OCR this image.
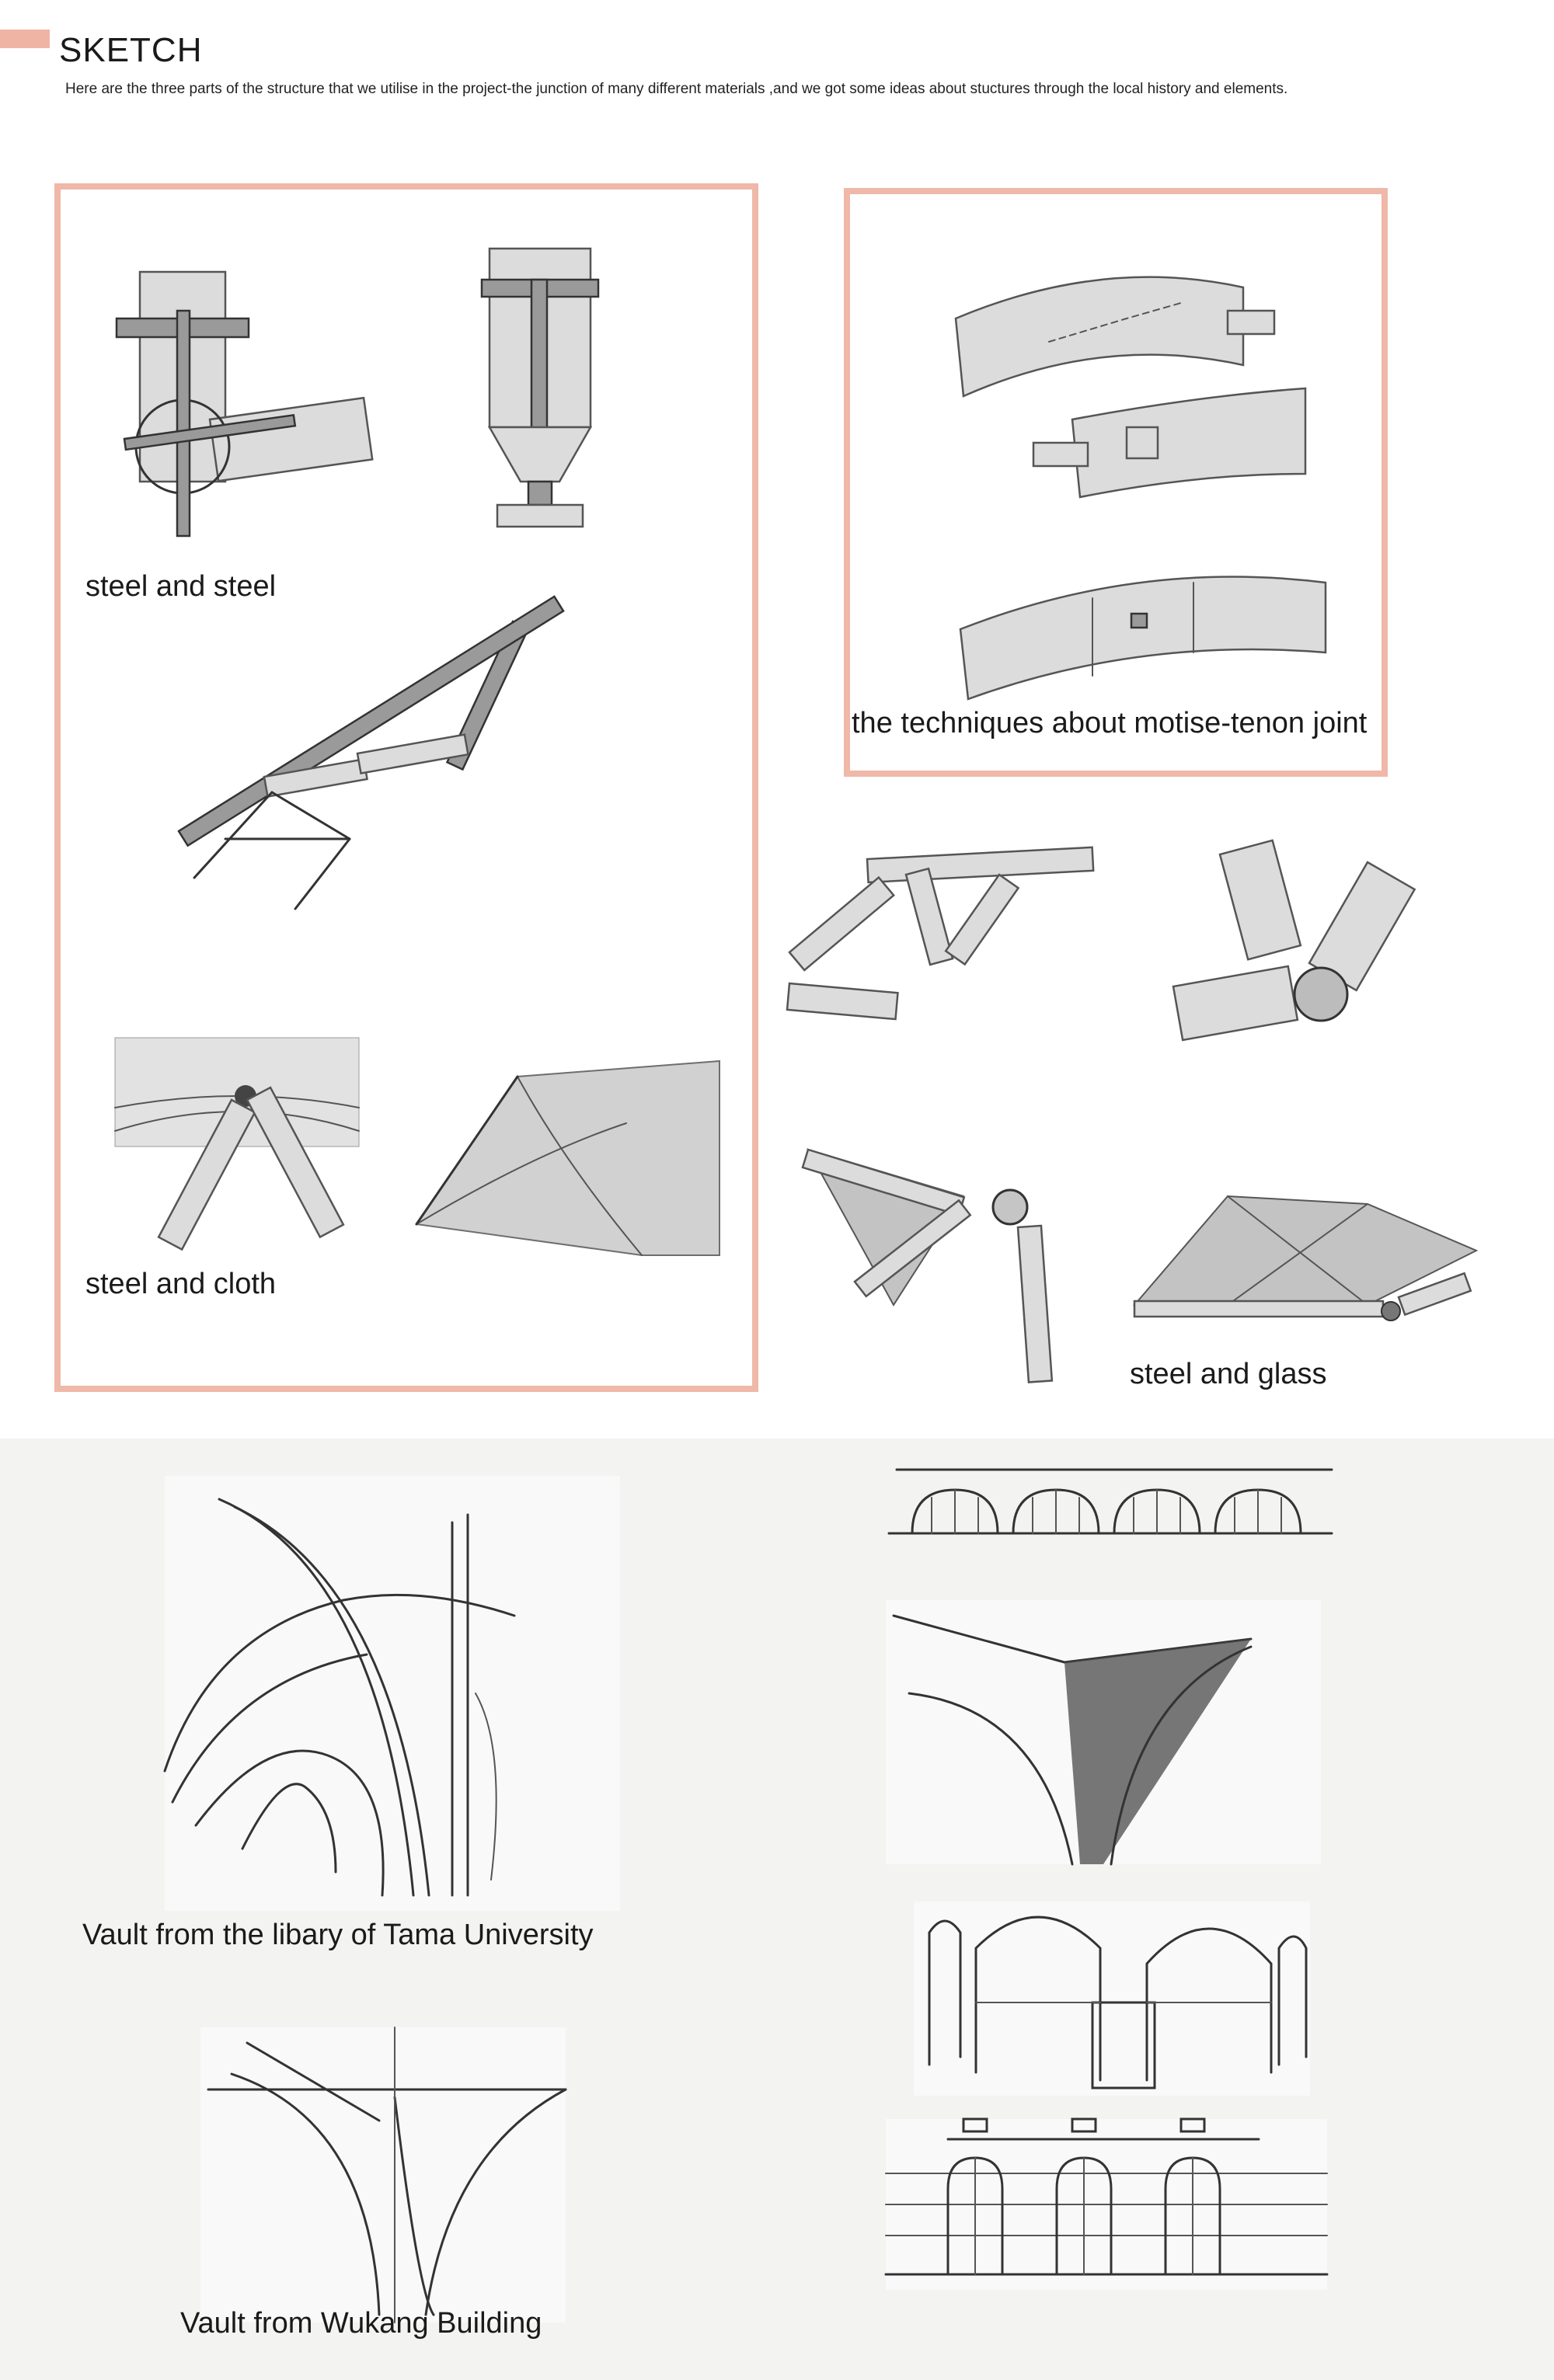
SKETCH
Here are the three parts of the structure that we utilise in the project-the junction of many different materials ,and we got some ideas about stuctures through the local history and elements.
steel and steel
steel and cloth
the techniques about motise-tenon joint
steel and glass
Vault from the libary of Tama University
Vault from Wukang Building
